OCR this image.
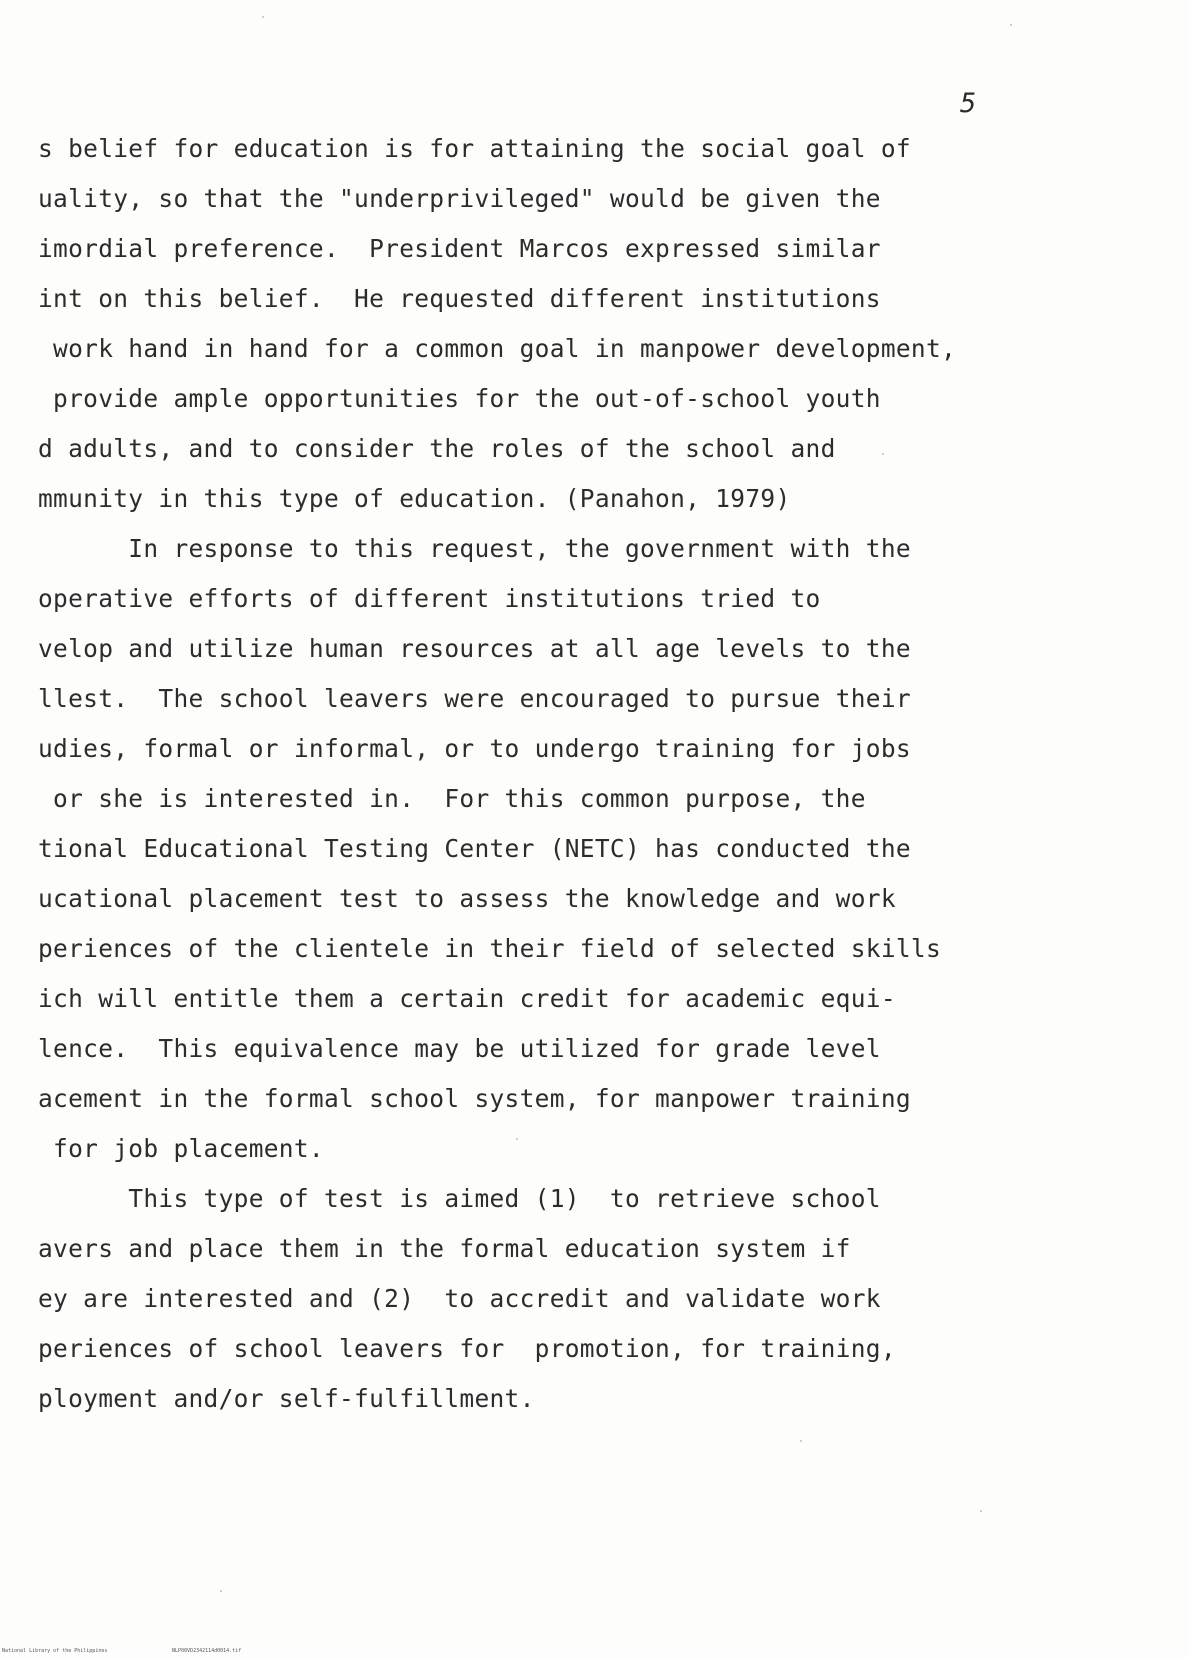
5
s belief for education is for attaining the social goal of
uality, so that the "underprivileged" would be given the
imordial preference.  President Marcos expressed similar
int on this belief.  He requested different institutions
work hand in hand for a common goal in manpower development,
provide ample opportunities for the out-of-school youth
d adults, and to consider the roles of the school and
mmunity in this type of education. (Panahon, 1979)
In response to this request, the government with the
operative efforts of different institutions tried to
velop and utilize human resources at all age levels to the
llest.  The school leavers were encouraged to pursue their
udies, formal or informal, or to undergo training for jobs
or she is interested in.  For this common purpose, the
tional Educational Testing Center (NETC) has conducted the
ucational placement test to assess the knowledge and work
periences of the clientele in their field of selected skills
ich will entitle them a certain credit for academic equi-
lence.  This equivalence may be utilized for grade level
acement in the formal school system, for manpower training
for job placement.
This type of test is aimed (1)  to retrieve school
avers and place them in the formal education system if
ey are interested and (2)  to accredit and validate work
periences of school leavers for  promotion, for training,
ployment and/or self-fulfillment.
National Library of the Philippines	NLP00VD2342114d0014.tif
